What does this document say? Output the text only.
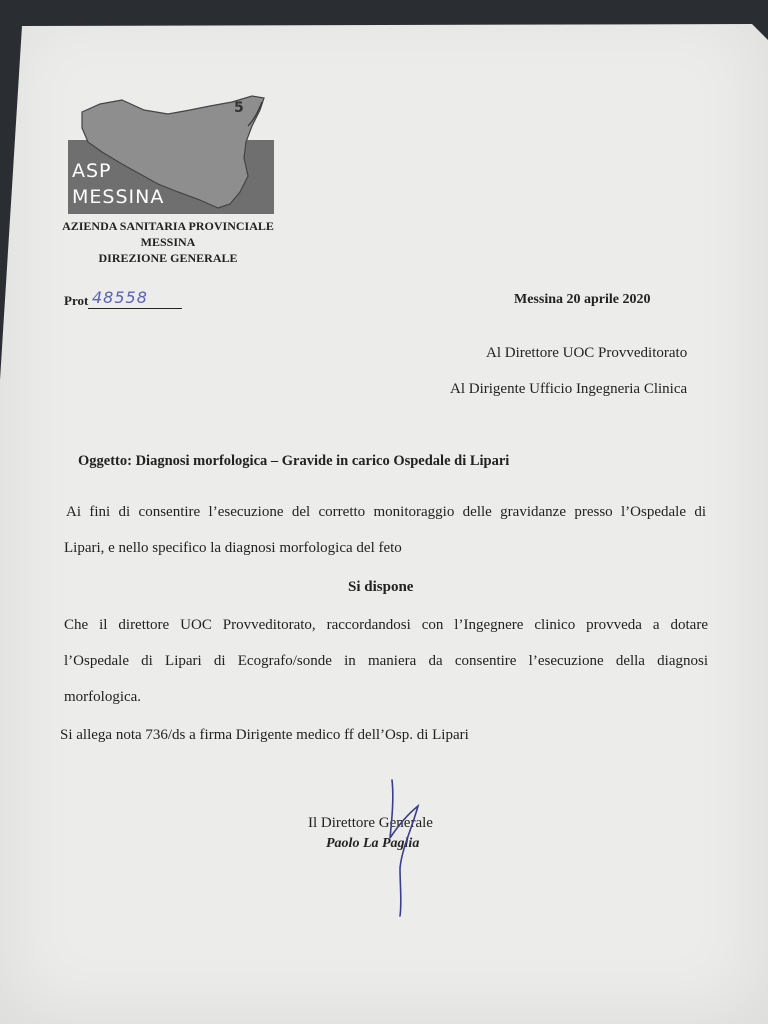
ASP
MESSINA
5
AZIENDA SANITARIA PROVINCIALE
MESSINA
DIREZIONE GENERALE
Prot 48558	Messina 20 aprile 2020
Al Direttore UOC Provveditorato
Al Dirigente Ufficio Ingegneria Clinica
Oggetto: Diagnosi morfologica – Gravide in carico Ospedale di Lipari
Ai fini di consentire l’esecuzione del corretto monitoraggio delle gravidanze presso l’Ospedale di
Lipari, e nello specifico la diagnosi morfologica del feto
Si dispone
Che il direttore UOC Provveditorato, raccordandosi con l’Ingegnere clinico provveda a dotare
l’Ospedale di Lipari di Ecografo/sonde in maniera da consentire l’esecuzione della diagnosi
morfologica.
Si allega nota 736/ds a firma Dirigente medico ff dell’Osp. di Lipari
Il Direttore Generale
Paolo La Paglia
